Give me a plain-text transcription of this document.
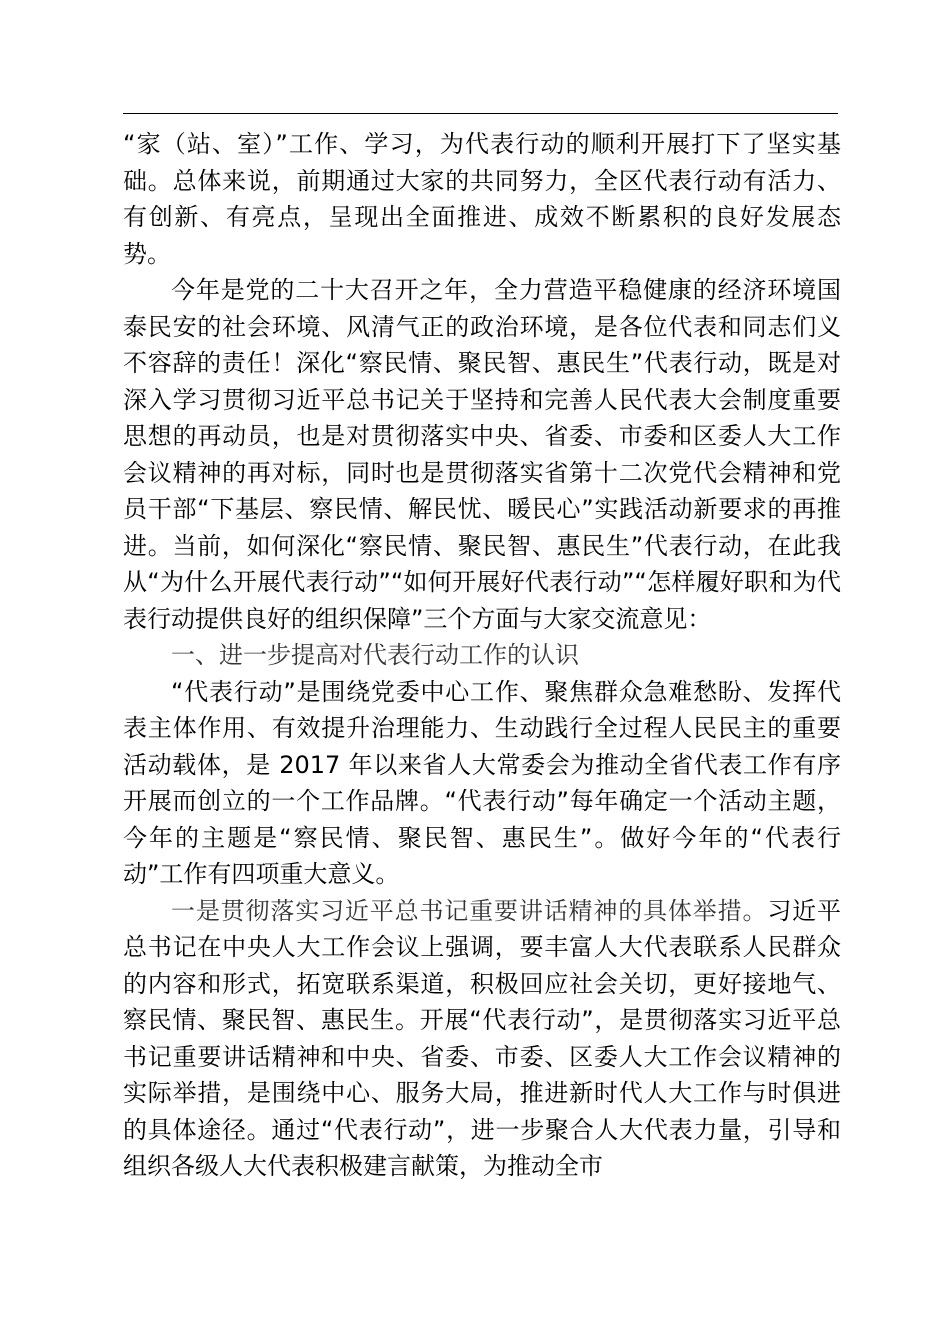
“家（站、室）”工作、学习，为代表行动的顺利开展打下了坚实基础。总体来说，前期通过大家的共同努力，全区代表行动有活力、有创新、有亮点，呈现出全面推进、成效不断累积的良好发展态势。

今年是党的二十大召开之年，全力营造平稳健康的经济环境国泰民安的社会环境、风清气正的政治环境，是各位代表和同志们义不容辞的责任！深化“察民情、聚民智、惠民生”代表行动，既是对深入学习贯彻习近平总书记关于坚持和完善人民代表大会制度重要思想的再动员，也是对贯彻落实中央、省委、市委和区委人大工作会议精神的再对标，同时也是贯彻落实省第十二次党代会精神和党员干部“下基层、察民情、解民忧、暖民心”实践活动新要求的再推进。当前，如何深化“察民情、聚民智、惠民生”代表行动，在此我从“为什么开展代表行动”“如何开展好代表行动”“怎样履好职和为代表行动提供良好的组织保障”三个方面与大家交流意见：

一、进一步提高对代表行动工作的认识

“代表行动”是围绕党委中心工作、聚焦群众急难愁盼、发挥代表主体作用、有效提升治理能力、生动践行全过程人民民主的重要活动载体，是 2017 年以来省人大常委会为推动全省代表工作有序开展而创立的一个工作品牌。“代表行动”每年确定一个活动主题，今年的主题是“察民情、聚民智、惠民生”。做好今年的“代表行动”工作有四项重大意义。

一是贯彻落实习近平总书记重要讲话精神的具体举措。习近平总书记在中央人大工作会议上强调，要丰富人大代表联系人民群众的内容和形式，拓宽联系渠道，积极回应社会关切，更好接地气、察民情、聚民智、惠民生。开展“代表行动”，是贯彻落实习近平总书记重要讲话精神和中央、省委、市委、区委人大工作会议精神的实际举措，是围绕中心、服务大局，推进新时代人大工作与时俱进的具体途径。通过“代表行动”，进一步聚合人大代表力量，引导和组织各级人大代表积极建言献策，为推动全市
